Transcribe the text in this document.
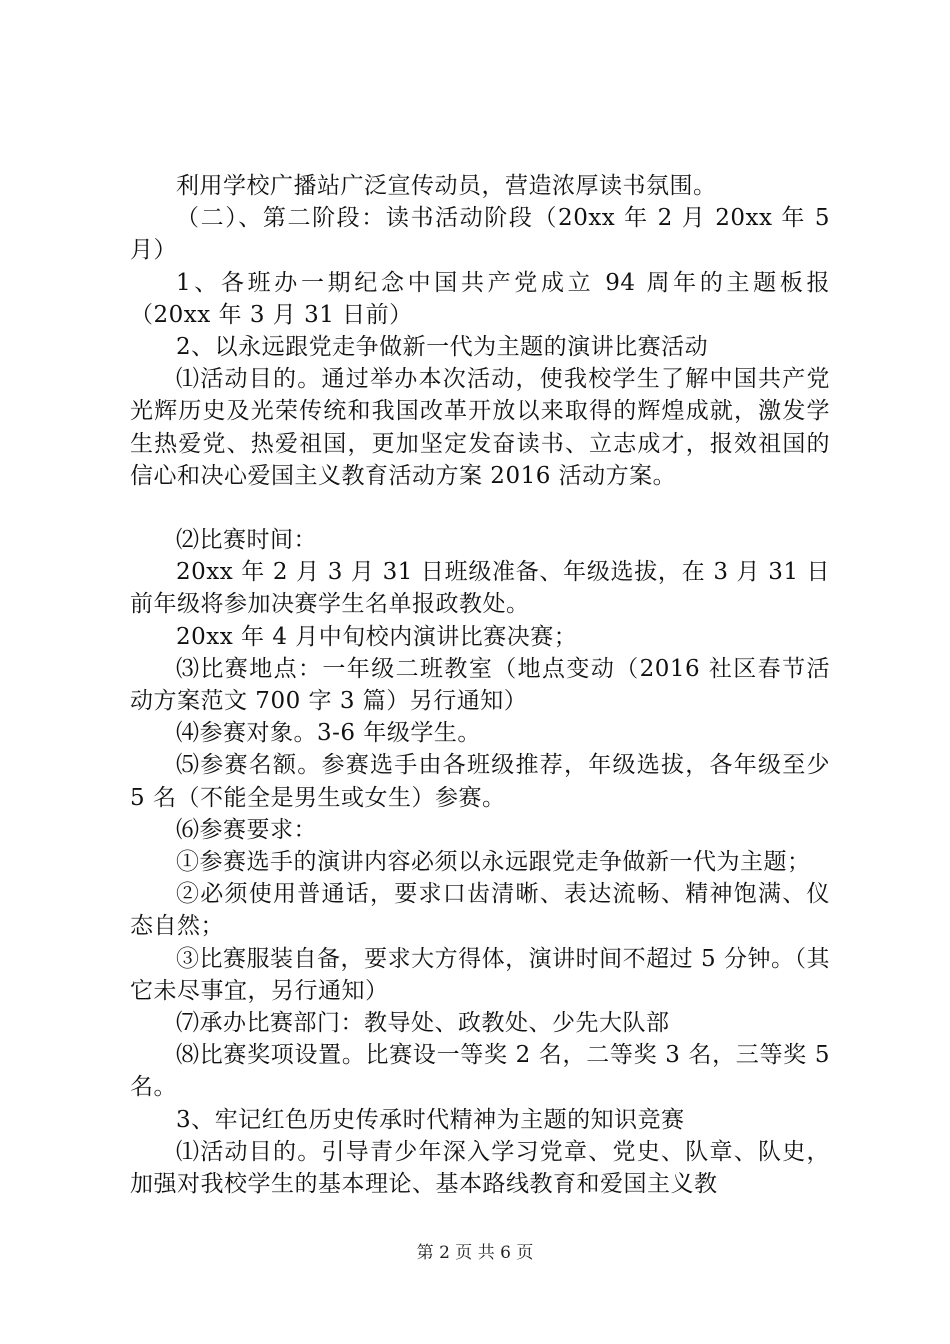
利用学校广播站广泛宣传动员，营造浓厚读书氛围。

（二）、第二阶段：读书活动阶段（20xx 年 2 月 20xx 年 5 月）

1、各班办一期纪念中国共产党成立 94 周年的主题板报（20xx 年 3 月 31 日前）

2、以永远跟党走争做新一代为主题的演讲比赛活动

⑴活动目的。通过举办本次活动，使我校学生了解中国共产党光辉历史及光荣传统和我国改革开放以来取得的辉煌成就，激发学生热爱党、热爱祖国，更加坚定发奋读书、立志成才，报效祖国的信心和决心爱国主义教育活动方案 2016 活动方案。

⑵比赛时间：

20xx 年 2 月 3 月 31 日班级准备、年级选拔，在 3 月 31 日前年级将参加决赛学生名单报政教处。

20xx 年 4 月中旬校内演讲比赛决赛；

⑶比赛地点：一年级二班教室（地点变动（2016 社区春节活动方案范文 700 字 3 篇）另行通知）

⑷参赛对象。3-6 年级学生。

⑸参赛名额。参赛选手由各班级推荐，年级选拔，各年级至少 5 名（不能全是男生或女生）参赛。

⑹参赛要求：

①参赛选手的演讲内容必须以永远跟党走争做新一代为主题；

②必须使用普通话，要求口齿清晰、表达流畅、精神饱满、仪态自然；

③比赛服装自备，要求大方得体，演讲时间不超过 5 分钟。（其它未尽事宜，另行通知）

⑺承办比赛部门：教导处、政教处、少先大队部

⑻比赛奖项设置。比赛设一等奖 2 名，二等奖 3 名，三等奖 5 名。

3、牢记红色历史传承时代精神为主题的知识竞赛

⑴活动目的。引导青少年深入学习党章、党史、队章、队史，加强对我校学生的基本理论、基本路线教育和爱国主义教

第 2 页 共 6 页
